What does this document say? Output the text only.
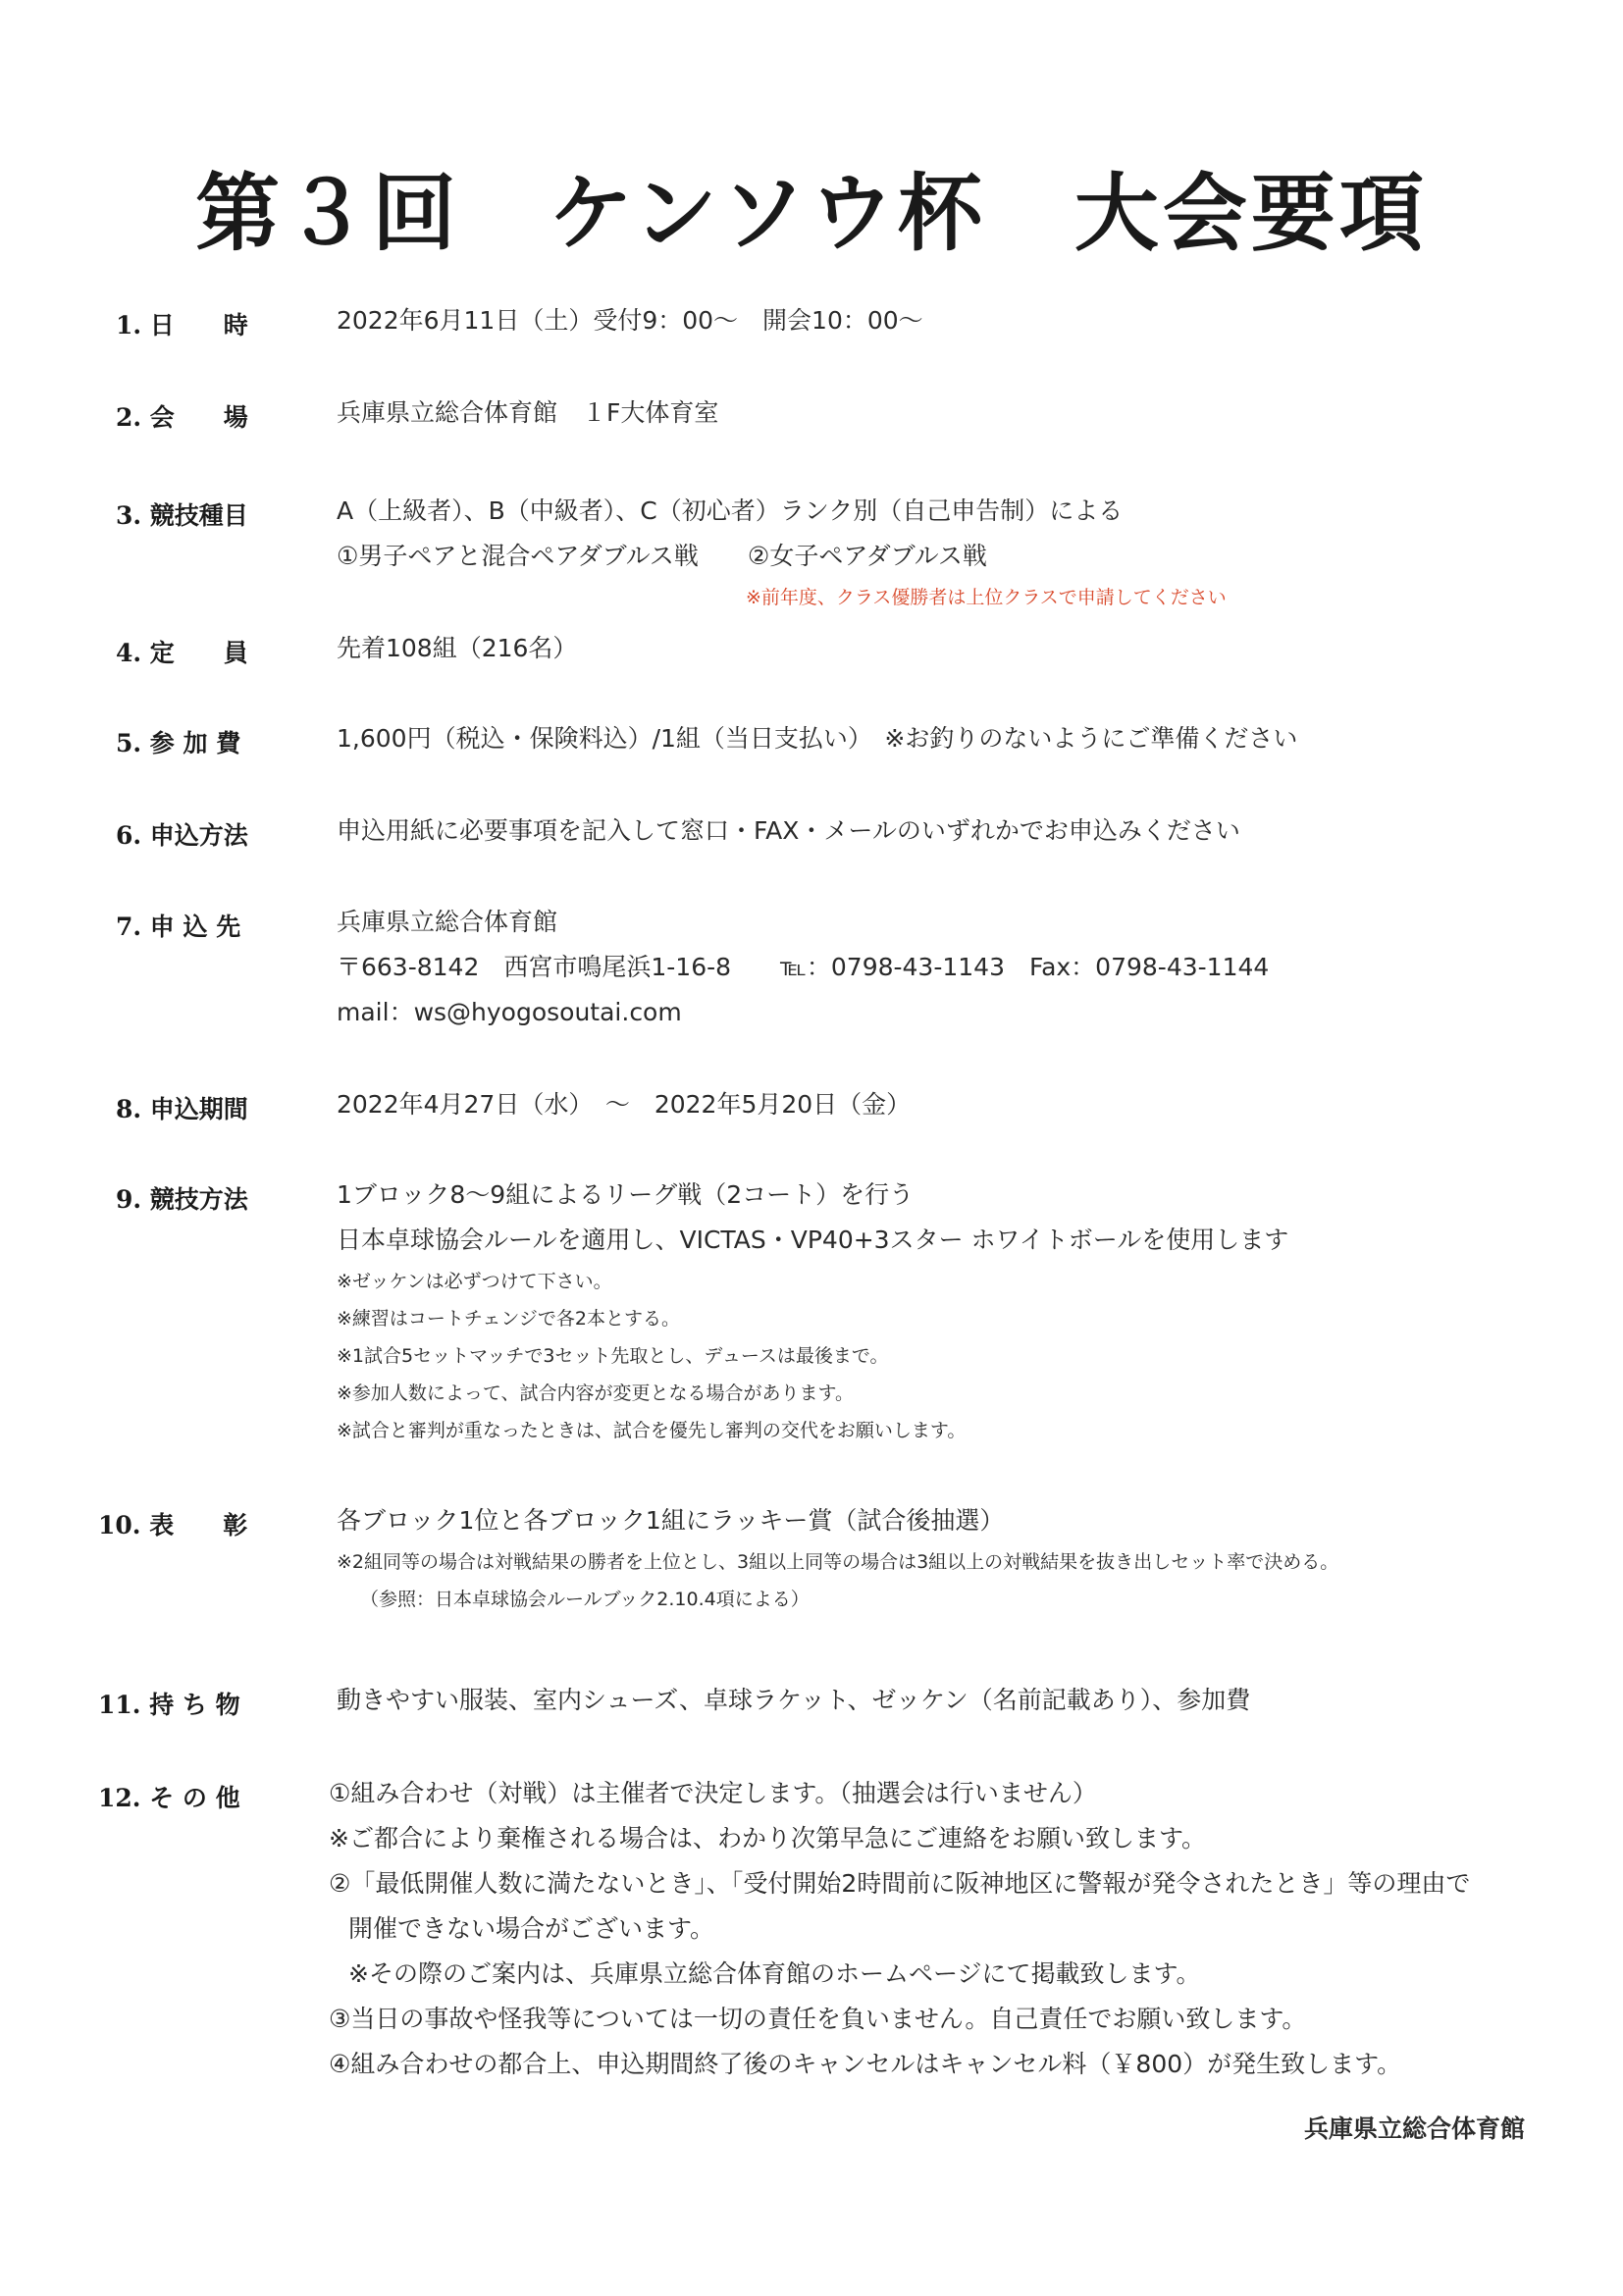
第３回　ケンソウ杯　大会要項
1. 日　　時	2022年6月11日（土）受付9：00～　開会10：00～
2. 会　　場	兵庫県立総合体育館　１F大体育室
3. 競技種目	A（上級者）、B（中級者）、C（初心者）ランク別（自己申告制）による
①男子ペアと混合ペアダブルス戦　　②女子ペアダブルス戦
※前年度、クラス優勝者は上位クラスで申請してください
4. 定　　員	先着108組（216名）
5. 参 加 費	1,600円（税込・保険料込）/1組（当日支払い）　※お釣りのないようにご準備ください
6. 申込方法	申込用紙に必要事項を記入して窓口・FAX・メールのいずれかでお申込みください
7. 申 込 先	兵庫県立総合体育館
〒663-8142　西宮市鳴尾浜1-16-8　　℡：0798-43-1143　Fax：0798-43-1144
mail：ws@hyogosoutai.com
8. 申込期間	2022年4月27日（水）　～　2022年5月20日（金）
9. 競技方法	1ブロック8～9組によるリーグ戦（2コート）を行う
日本卓球協会ルールを適用し、VICTAS・VP40+3スター ホワイトボールを使用します
※ゼッケンは必ずつけて下さい。
※練習はコートチェンジで各2本とする。
※1試合5セットマッチで3セット先取とし、デュースは最後まで。
※参加人数によって、試合内容が変更となる場合があります。
※試合と審判が重なったときは、試合を優先し審判の交代をお願いします。
10. 表　　彰	各ブロック1位と各ブロック1組にラッキー賞（試合後抽選）
※2組同等の場合は対戦結果の勝者を上位とし、3組以上同等の場合は3組以上の対戦結果を抜き出しセット率で決める。
（参照：日本卓球協会ルールブック2.10.4項による）
11. 持 ち 物	動きやすい服装、室内シューズ、卓球ラケット、ゼッケン（名前記載あり）、参加費
12. そ の 他	①組み合わせ（対戦）は主催者で決定します。（抽選会は行いません）
※ご都合により棄権される場合は、わかり次第早急にご連絡をお願い致します。
②「最低開催人数に満たないとき」、「受付開始2時間前に阪神地区に警報が発令されたとき」等の理由で
開催できない場合がございます。
※その際のご案内は、兵庫県立総合体育館のホームページにて掲載致します。
③当日の事故や怪我等については一切の責任を負いません。自己責任でお願い致します。
④組み合わせの都合上、申込期間終了後のキャンセルはキャンセル料（￥800）が発生致します。
兵庫県立総合体育館
